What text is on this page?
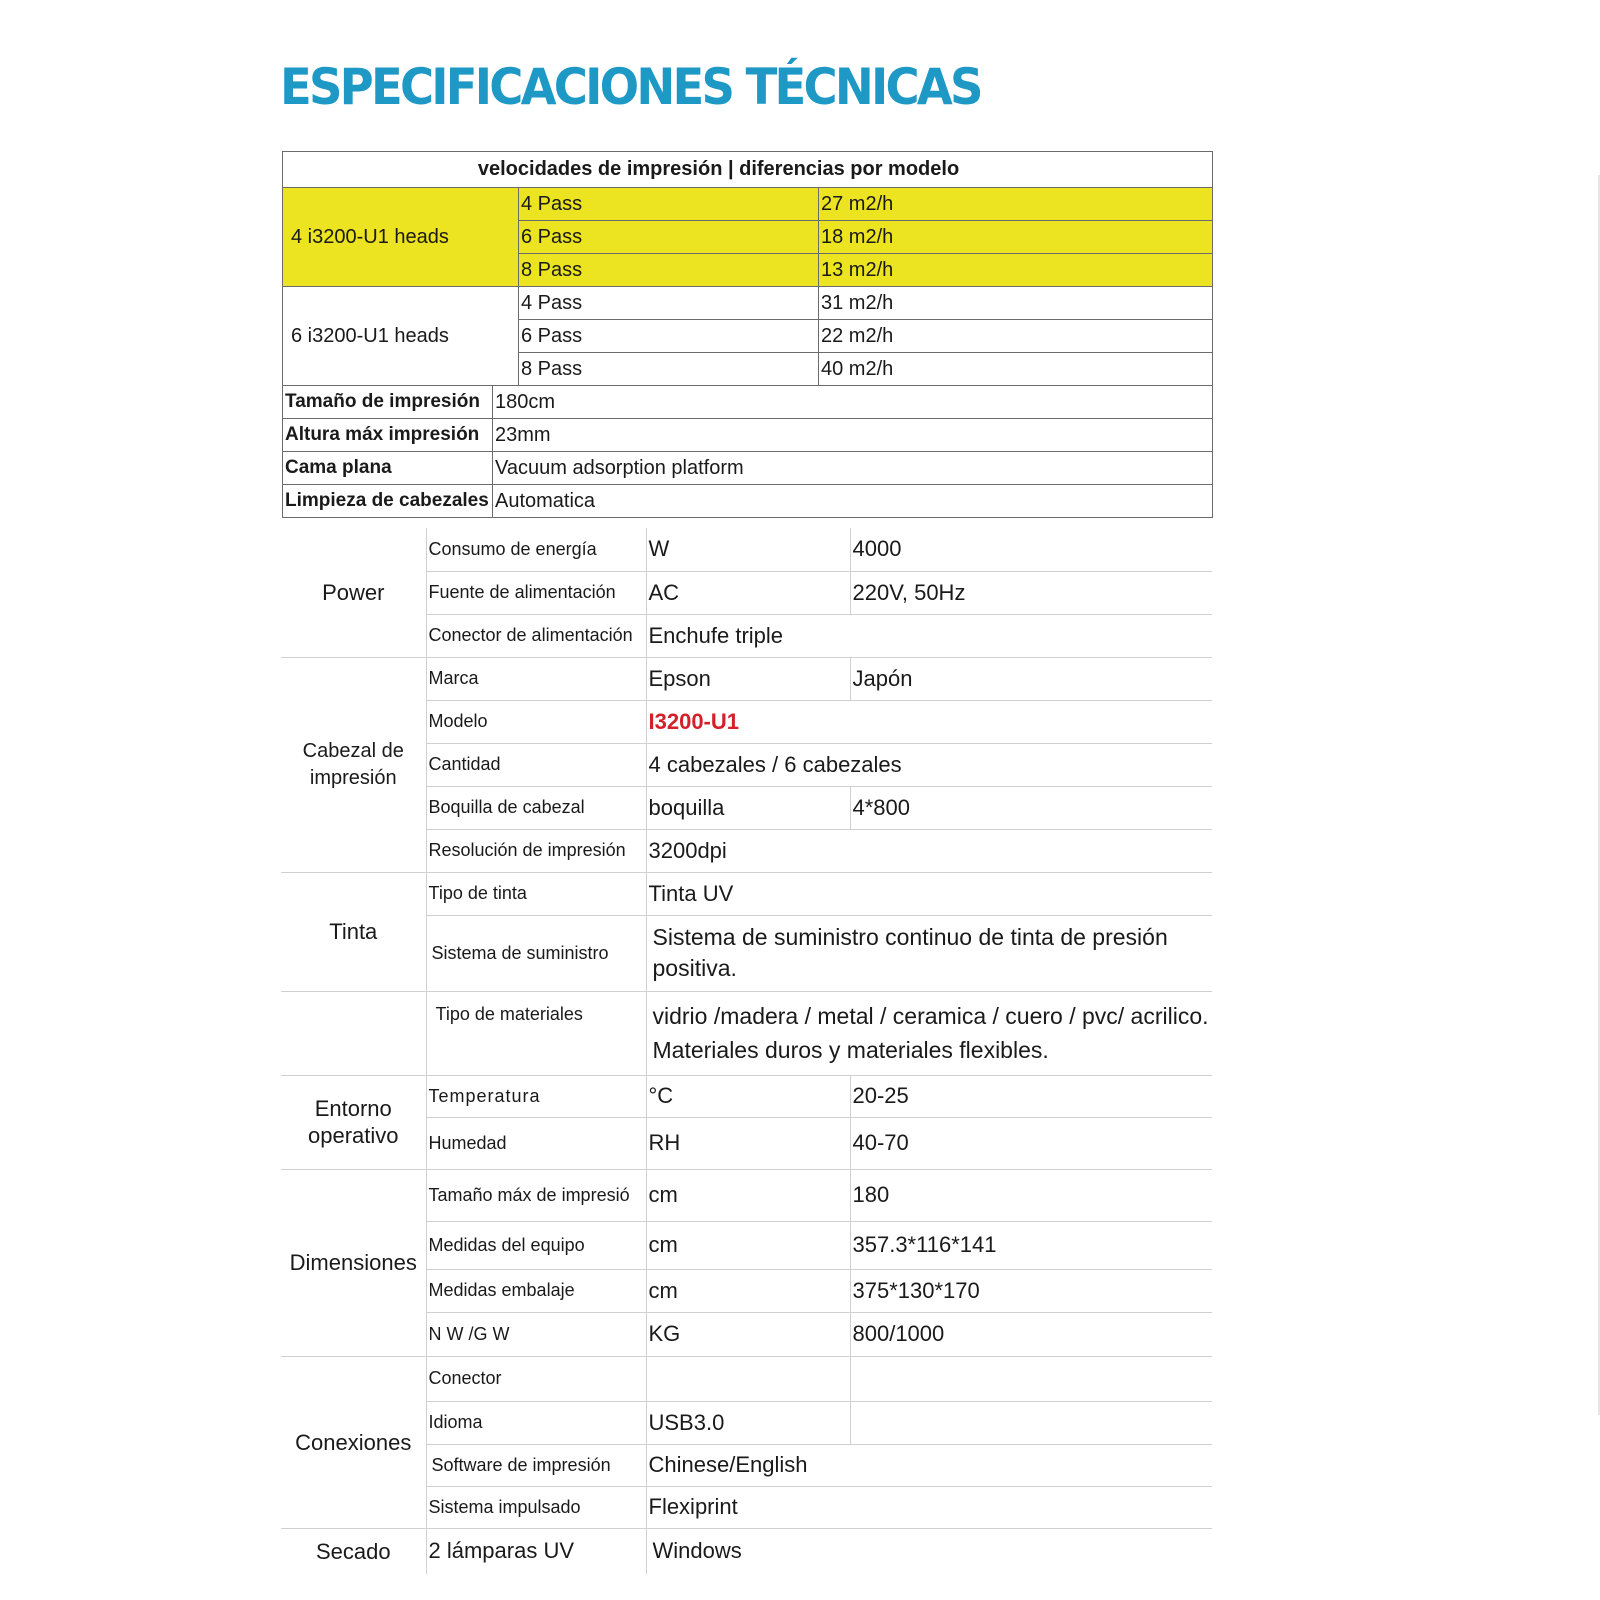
ESPECIFICACIONES TÉCNICAS
velocidades de impresión | diferencias por modelo			
4 i3200-U1 heads		4 Pass	27 m2/h
		6 Pass	18 m2/h
		8 Pass	13 m2/h
6 i3200-U1 heads		4 Pass	31 m2/h
		6 Pass	22 m2/h
		8 Pass	40 m2/h
Tamaño de impresión	180cm		
Altura máx impresión	23mm		
Cama plana	Vacuum adsorption platform		
Limpieza de cabezales	Automatica		
Power	Consumo de energía	W	4000
	Fuente de alimentación	AC	220V, 50Hz
	Conector de alimentación	Enchufe triple	
Cabezal de impresión	Marca	Epson	Japón
	Modelo	I3200-U1	
	Cantidad	4 cabezales / 6 cabezales	
	Boquilla de cabezal	boquilla	4*800
	Resolución de impresión	3200dpi	
Tinta	Tipo de tinta	Tinta UV	
	Sistema de suministro	Sistema de suministro continuo de tinta de presión positiva.	
	Tipo de materiales	vidrio /madera / metal / ceramica / cuero / pvc/ acrilico. Materiales duros y materiales flexibles.	
Entorno operativo	Temperatura	°C	20-25
	Humedad	RH	40-70
Dimensiones	Tamaño máx de impresió	cm	180
	Medidas del equipo	cm	357.3*116*141
	Medidas embalaje	cm	375*130*170
	N W /G W	KG	800/1000
Conexiones	Conector		
	Idioma	USB3.0	
	Software de impresión	Chinese/English	
	Sistema impulsado	Flexiprint	
Secado	2 lámparas UV	Windows	
